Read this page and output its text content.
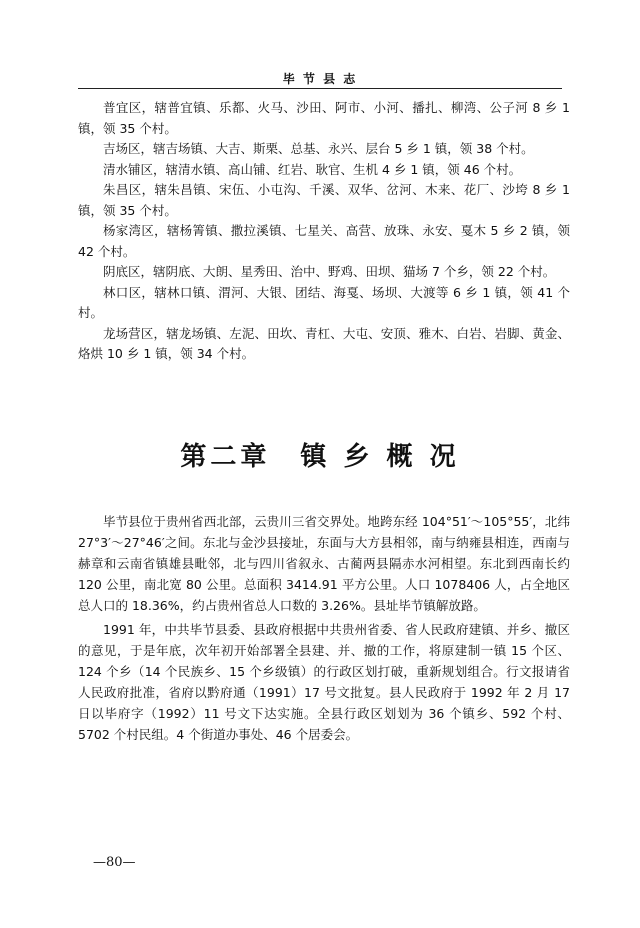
毕 节 县 志

普宜区，辖普宜镇、乐都、火马、沙田、阿市、小河、播扎、柳湾、公子河 8 乡 1 镇，领 35 个村。

吉场区，辖吉场镇、大吉、斯栗、总基、永兴、层台 5 乡 1 镇，领 38 个村。

清水铺区，辖清水镇、高山铺、红岩、耿官、生机 4 乡 1 镇，领 46 个村。

朱昌区，辖朱昌镇、宋伍、小屯沟、千溪、双华、岔河、木来、花厂、沙垮 8 乡 1 镇，领 35 个村。

杨家湾区，辖杨箐镇、撒拉溪镇、七星关、高营、放珠、永安、戛木 5 乡 2 镇，领 42 个村。

阴底区，辖阴底、大朗、星秀田、治中、野鸡、田坝、猫场 7 个乡，领 22 个村。

林口区，辖林口镇、渭河、大银、团结、海戛、场坝、大渡等 6 乡 1 镇，领 41 个村。

龙场营区，辖龙场镇、左泥、田坎、青杠、大屯、安顶、雅木、白岩、岩脚、黄金、烙烘 10 乡 1 镇，领 34 个村。

第二章　镇 乡 概 况

毕节县位于贵州省西北部，云贵川三省交界处。地跨东经 104°51′～105°55′，北纬 27°3′～27°46′之间。东北与金沙县接址，东面与大方县相邻，南与纳雍县相连，西南与赫章和云南省镇雄县毗邻，北与四川省叙永、古蔺两县隔赤水河相望。东北到西南长约 120 公里，南北宽 80 公里。总面积 3414.91 平方公里。人口 1078406 人，占全地区总人口的 18.36%，约占贵州省总人口数的 3.26%。县址毕节镇解放路。

1991 年，中共毕节县委、县政府根据中共贵州省委、省人民政府建镇、并乡、撤区的意见，于是年底，次年初开始部署全县建、并、撤的工作，将原建制一镇 15 个区、124 个乡（14 个民族乡、15 个乡级镇）的行政区划打破，重新规划组合。行文报请省人民政府批准，省府以黔府通（1991）17 号文批复。县人民政府于 1992 年 2 月 17 日以毕府字（1992）11 号文下达实施。全县行政区划划为 36 个镇乡、592 个村、5702 个村民组。4 个街道办事处、46 个居委会。

—80—
